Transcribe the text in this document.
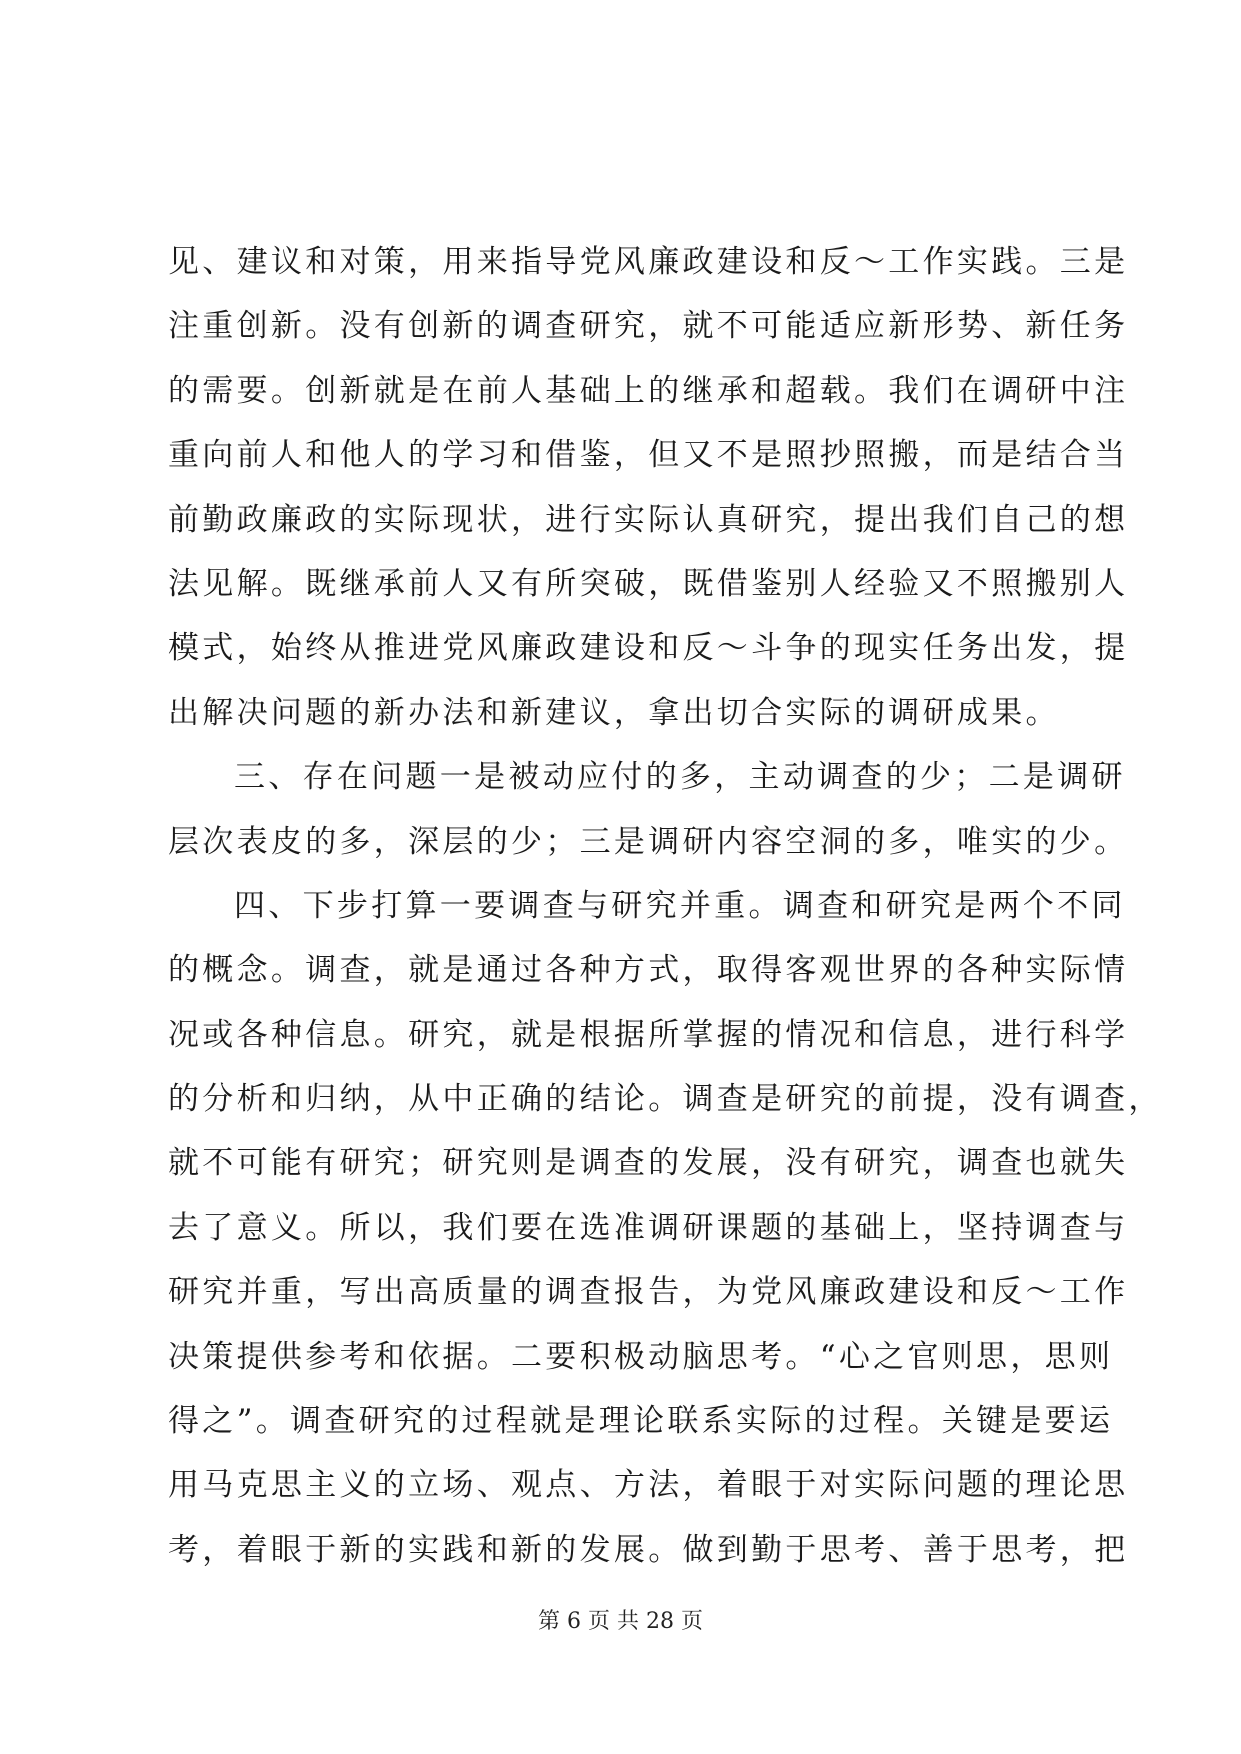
见、建议和对策，用来指导党风廉政建设和反～工作实践。三是
注重创新。没有创新的调查研究，就不可能适应新形势、新任务
的需要。创新就是在前人基础上的继承和超载。我们在调研中注
重向前人和他人的学习和借鉴，但又不是照抄照搬，而是结合当
前勤政廉政的实际现状，进行实际认真研究，提出我们自己的想
法见解。既继承前人又有所突破，既借鉴别人经验又不照搬别人
模式，始终从推进党风廉政建设和反～斗争的现实任务出发，提
出解决问题的新办法和新建议，拿出切合实际的调研成果。
三、存在问题一是被动应付的多，主动调查的少；二是调研
层次表皮的多，深层的少；三是调研内容空洞的多，唯实的少。
四、下步打算一要调查与研究并重。调查和研究是两个不同
的概念。调查，就是通过各种方式，取得客观世界的各种实际情
况或各种信息。研究，就是根据所掌握的情况和信息，进行科学
的分析和归纳，从中正确的结论。调查是研究的前提，没有调查，
就不可能有研究；研究则是调查的发展，没有研究，调查也就失
去了意义。所以，我们要在选准调研课题的基础上，坚持调查与
研究并重，写出高质量的调查报告，为党风廉政建设和反～工作
决策提供参考和依据。二要积极动脑思考。“心之官则思，思则
得之”。调查研究的过程就是理论联系实际的过程。关键是要运
用马克思主义的立场、观点、方法，着眼于对实际问题的理论思
考，着眼于新的实践和新的发展。做到勤于思考、善于思考，把
第 6 页 共 28 页
